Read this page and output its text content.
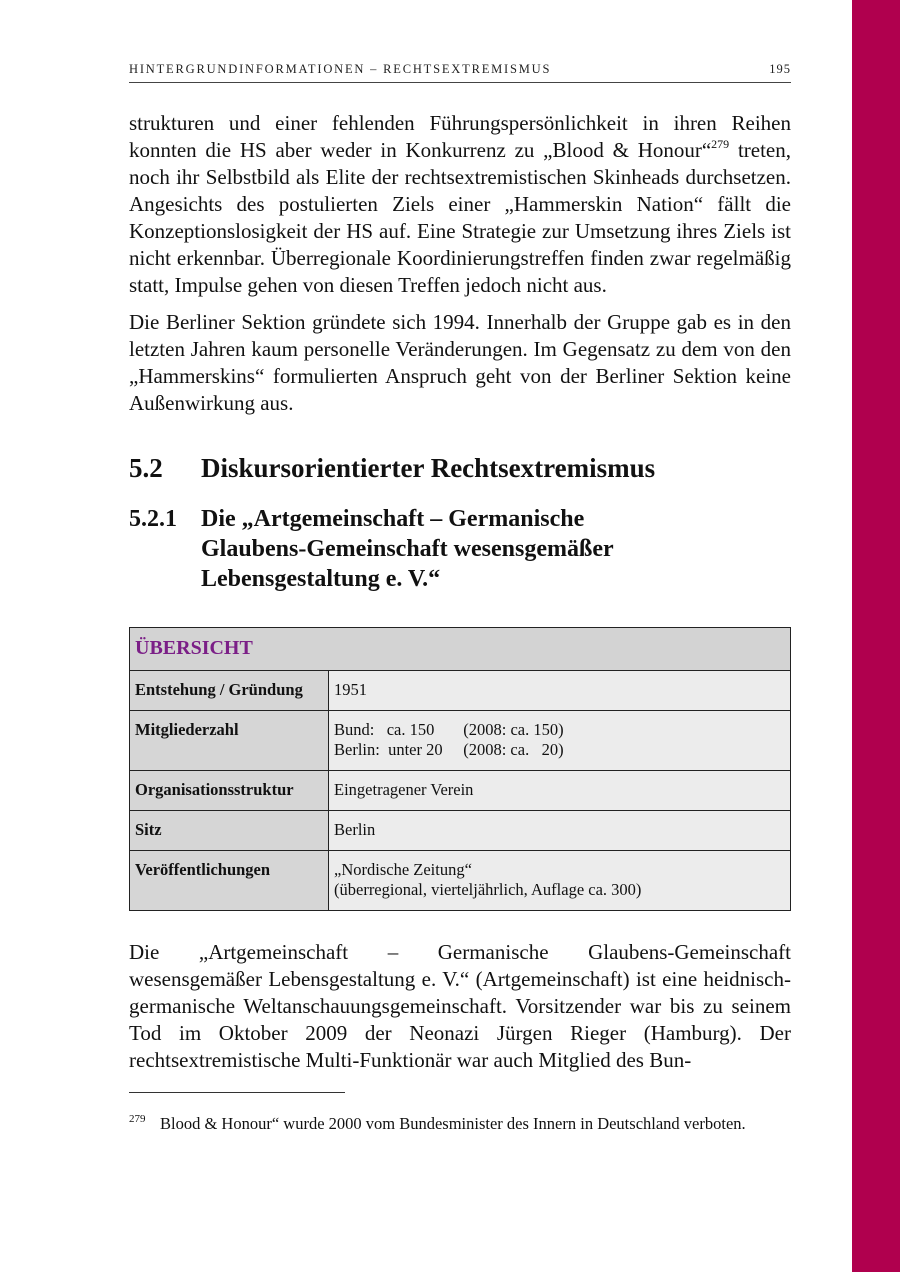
HINTERGRUNDINFORMATIONEN – RECHTSEXTREMISMUS	195

strukturen und einer fehlenden Führungspersönlichkeit in ihren Reihen konnten die HS aber weder in Konkurrenz zu „Blood & Honour“$^{279}$ treten, noch ihr Selbstbild als Elite der rechtsextremistischen Skinheads durchsetzen. Angesichts des postulierten Ziels einer „Hammerskin Nation“ fällt die Konzeptionslosigkeit der HS auf. Eine Strategie zur Umsetzung ihres Ziels ist nicht erkennbar. Überregionale Koordinierungstreffen finden zwar regelmäßig statt, Impulse gehen von diesen Treffen jedoch nicht aus.

Die Berliner Sektion gründete sich 1994. Innerhalb der Gruppe gab es in den letzten Jahren kaum personelle Veränderungen. Im Gegensatz zu dem von den „Hammerskins“ formulierten Anspruch geht von der Berliner Sektion keine Außenwirkung aus.

5.2	Diskursorientierter Rechtsextremismus
5.2.1	Die „Artgemeinschaft – Germanische
Glaubens-Gemeinschaft wesensgemäßer
Lebensgestaltung e. V.“
ÜBERSICHT	
Entstehung / Gründung	1951

Mitgliederzahl	Bund:   ca. 150       (2008: ca. 150)
Berlin:  unter 20     (2008: ca.   20)

Organisationsstruktur	Eingetragener Verein

Sitz	Berlin

Veröffentlichungen	„Nordische Zeitung“
(überregional, vierteljährlich, Auflage ca. 300)

Die „Artgemeinschaft – Germanische Glaubens-Gemeinschaft wesensgemäßer Lebensgestaltung e. V.“ (Artgemeinschaft) ist eine heidnisch-germanische Weltanschauungsgemeinschaft. Vorsitzender war bis zu seinem Tod im Oktober 2009 der Neonazi Jürgen Rieger (Hamburg). Der rechtsextremistische Multi-Funktionär war auch Mitglied des Bun-

279 Blood & Honour“ wurde 2000 vom Bundesminister des Innern in Deutschland verboten.
